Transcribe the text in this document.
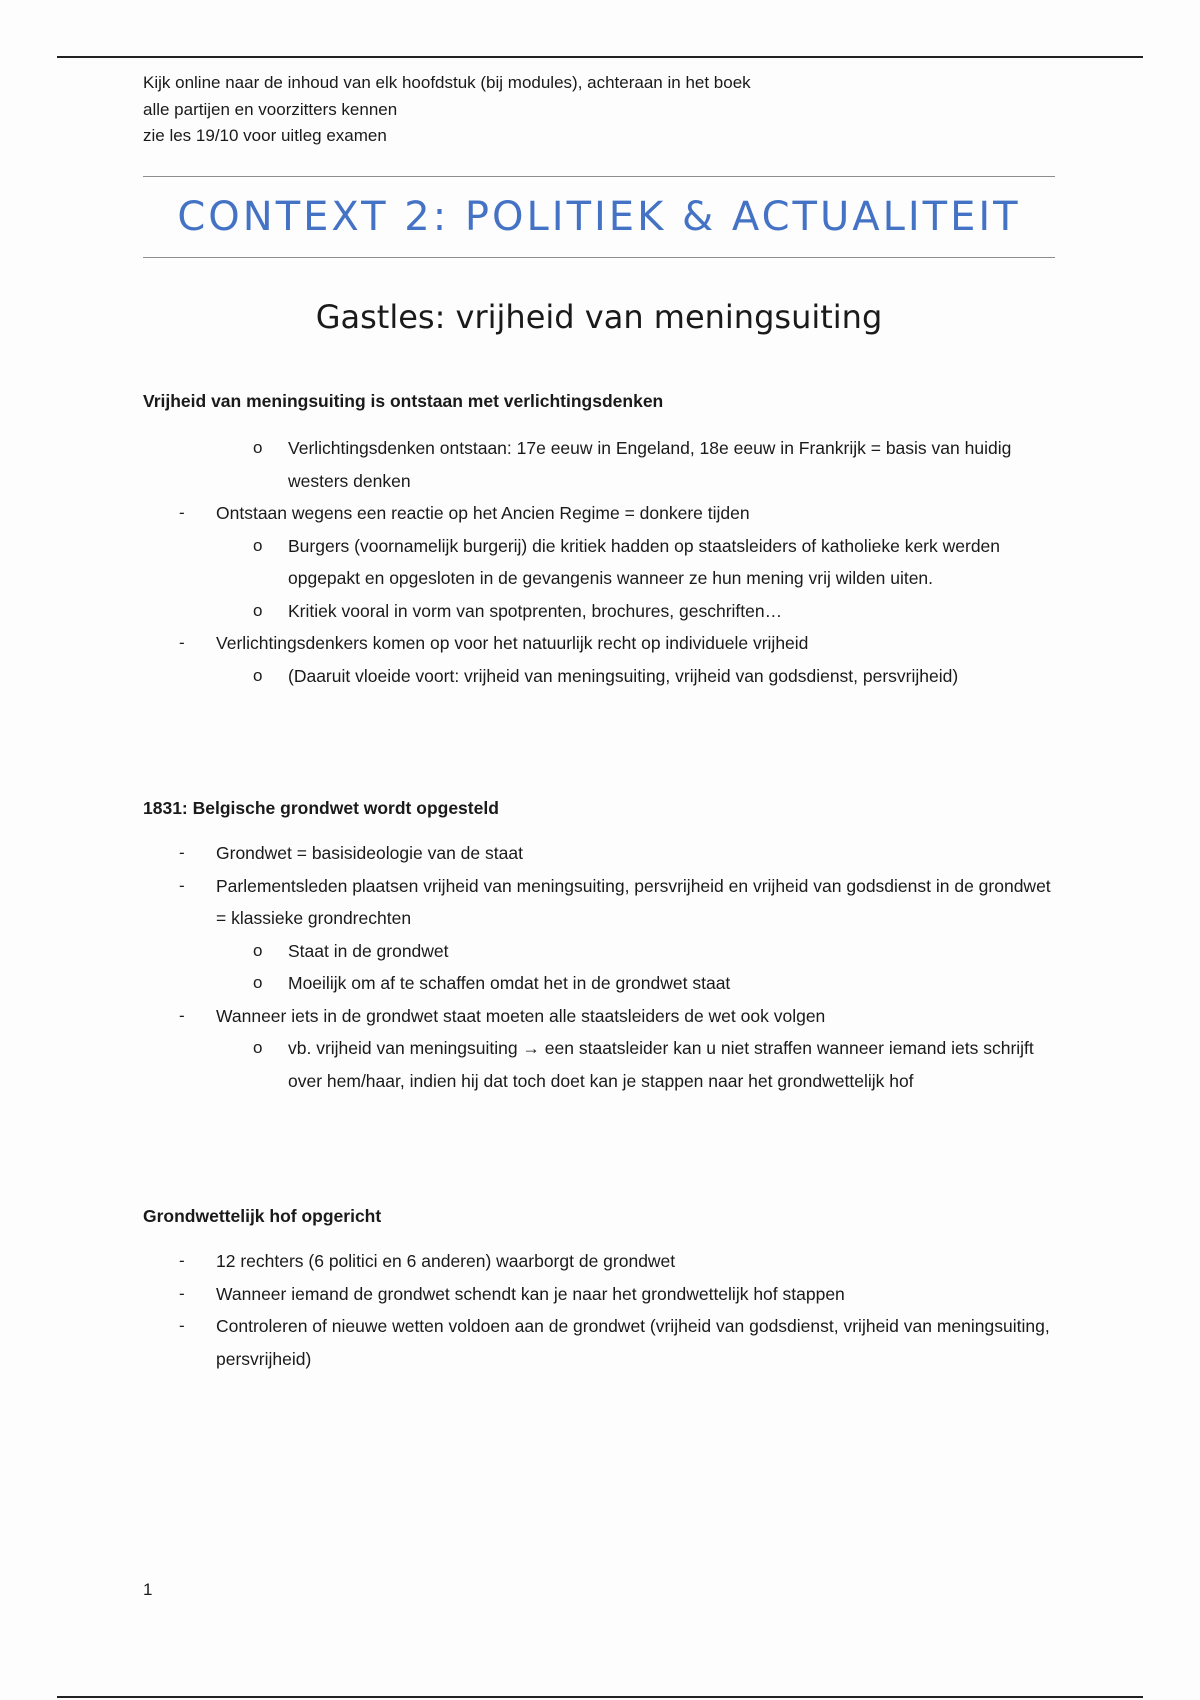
Kijk online naar de inhoud van elk hoofdstuk (bij modules), achteraan in het boek

alle partijen en voorzitters kennen

zie les 19/10 voor uitleg examen

CONTEXT 2: POLITIEK & ACTUALITEIT
Gastles: vrijheid van meningsuiting

Vrijheid van meningsuiting is ontstaan met verlichtingsdenken

o Verlichtingsdenken ontstaan: 17e eeuw in Engeland, 18e eeuw in Frankrijk = basis van huidig westers denken
- Ontstaan wegens een reactie op het Ancien Regime = donkere tijden
o Burgers (voornamelijk burgerij) die kritiek hadden op staatsleiders of katholieke kerk werden opgepakt en opgesloten in de gevangenis wanneer ze hun mening vrij wilden uiten.
o Kritiek vooral in vorm van spotprenten, brochures, geschriften…
- Verlichtingsdenkers komen op voor het natuurlijk recht op individuele vrijheid
o (Daaruit vloeide voort: vrijheid van meningsuiting, vrijheid van godsdienst, persvrijheid)

1831: Belgische grondwet wordt opgesteld

- Grondwet = basisideologie van de staat
- Parlementsleden plaatsen vrijheid van meningsuiting, persvrijheid en vrijheid van godsdienst in de grondwet = klassieke grondrechten
o Staat in de grondwet
o Moeilijk om af te schaffen omdat het in de grondwet staat
- Wanneer iets in de grondwet staat moeten alle staatsleiders de wet ook volgen
o vb. vrijheid van meningsuiting → een staatsleider kan u niet straffen wanneer iemand iets schrijft over hem/haar, indien hij dat toch doet kan je stappen naar het grondwettelijk hof

Grondwettelijk hof opgericht

- 12 rechters (6 politici en 6 anderen) waarborgt de grondwet
- Wanneer iemand de grondwet schendt kan je naar het grondwettelijk hof stappen
- Controleren of nieuwe wetten voldoen aan de grondwet (vrijheid van godsdienst, vrijheid van meningsuiting, persvrijheid)
1
